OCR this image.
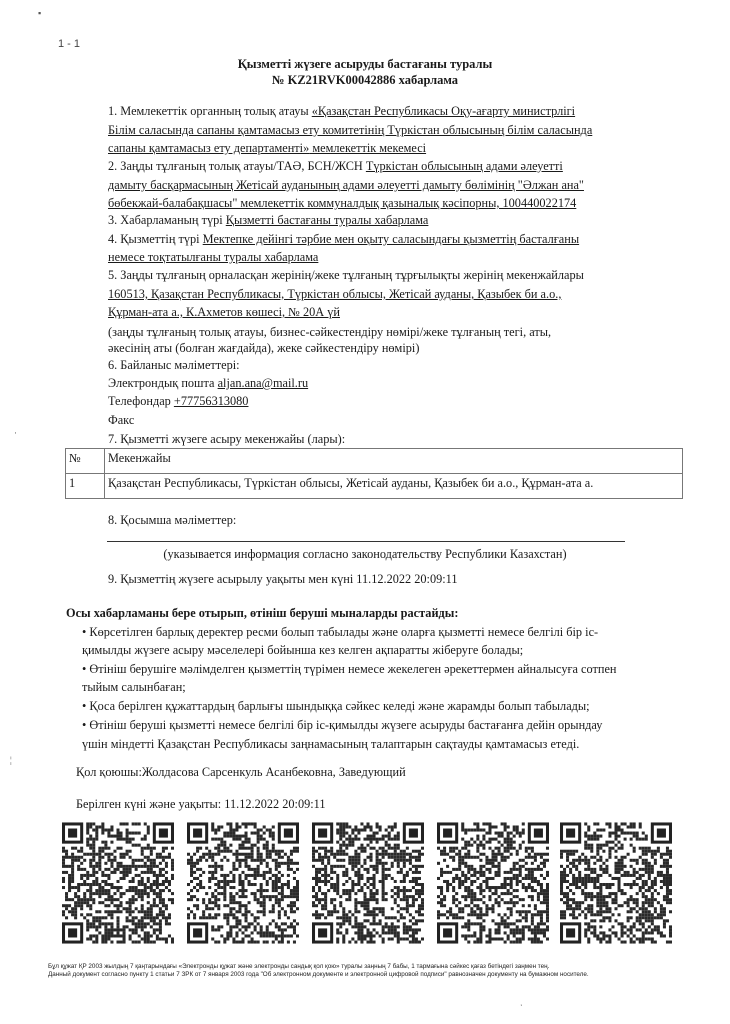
▪
1 - 1
Қызметті жүзеге асыруды бастағаны туралы
№ KZ21RVK00042886 хабарлама
1. Мемлекеттік органның толық атауы «Қазақстан Республикасы Оқу-ағарту министрлігі
Білім саласында сапаны қамтамасыз ету комитетінің Түркістан облысының білім саласында
сапаны қамтамасыз ету департаменті» мемлекеттік мекемесі
2. Заңды тұлғаның толық атауы/ТАӘ, БСН/ЖСН Түркістан облысының адами әлеуетті
дамыту басқармасының Жетісай ауданының адами әлеуетті дамыту бөлімінің "Әлжан ана"
бөбекжай-балабақшасы" мемлекеттік коммуналдық қазыналық кәсіпорны, 100440022174
3. Хабарламаның түрі Қызметті бастағаны туралы хабарлама
4. Қызметтің түрі Мектепке дейінгі тәрбие мен оқыту саласындағы қызметтің басталғаны
немесе тоқтатылғаны туралы хабарлама
5. Заңды тұлғаның орналасқан жерінің/жеке тұлғаның тұрғылықты жерінің мекенжайлары
160513, Қазақстан Республикасы, Түркістан облысы, Жетісай ауданы, Қазыбек би а.о.,
Құрман-ата а., К.Ахметов көшесі, № 20А үй
(заңды тұлғаның толық атауы, бизнес-сәйкестендіру нөмірі/жеке тұлғаның тегі, аты,
әкесінің аты (болған жағдайда), жеке сәйкестендіру нөмірі)
6. Байланыс мәліметтері:
Электрондық пошта aljan.ana@mail.ru
Телефондар +77756313080
Факс
7. Қызметті жүзеге асыру мекенжайы (лары):
№	Мекенжайы
1	Қазақстан Республикасы, Түркістан облысы, Жетісай ауданы, Қазыбек би а.о., Құрман-ата а.
8. Қосымша мәліметтер:
(указывается информация согласно законодательству Республики Казахстан)
9. Қызметтің жүзеге асырылу уақыты мен күні 11.12.2022 20:09:11
Осы хабарламаны бере отырып, өтініш беруші мыналарды растайды:
• Көрсетілген барлық деректер ресми болып табылады және оларға қызметті немесе белгілі бір іс-
қимылды жүзеге асыру мәселелері бойынша кез келген ақпаратты жіберуге болады;
• Өтініш берушіге мәлімделген қызметтің түрімен немесе жекелеген әрекеттермен айналысуға сотпен
тыйым салынбаған;
• Қоса берілген құжаттардың барлығы шындыққа сәйкес келеді және жарамды болып табылады;
• Өтініш беруші қызметті немесе белгілі бір іс-қимылды жүзеге асыруды бастағанға дейін орындау
үшін міндетті Қазақстан Республикасы заңнамасының талаптарын сақтауды қамтамасыз етеді.
Қол қоюшы:Жолдасова Сарсенкуль Асанбековна, Заведующий
Берілген күні және уақыты: 11.12.2022 20:09:11
Бұл құжат ҚР 2003 жылдың 7 қаңтарындағы «Электронды құжат және электронды сандық қол қою» туралы заңның 7 бабы, 1 тармағына сәйкес қағаз бетіндегі заңмен тең.
Данный документ согласно пункту 1 статьи 7 ЗРК от 7 января 2003 года "Об электронном документе и электронной цифровой подписи" равнозначен документу на бумажном носителе.
·
¦
ͺ
